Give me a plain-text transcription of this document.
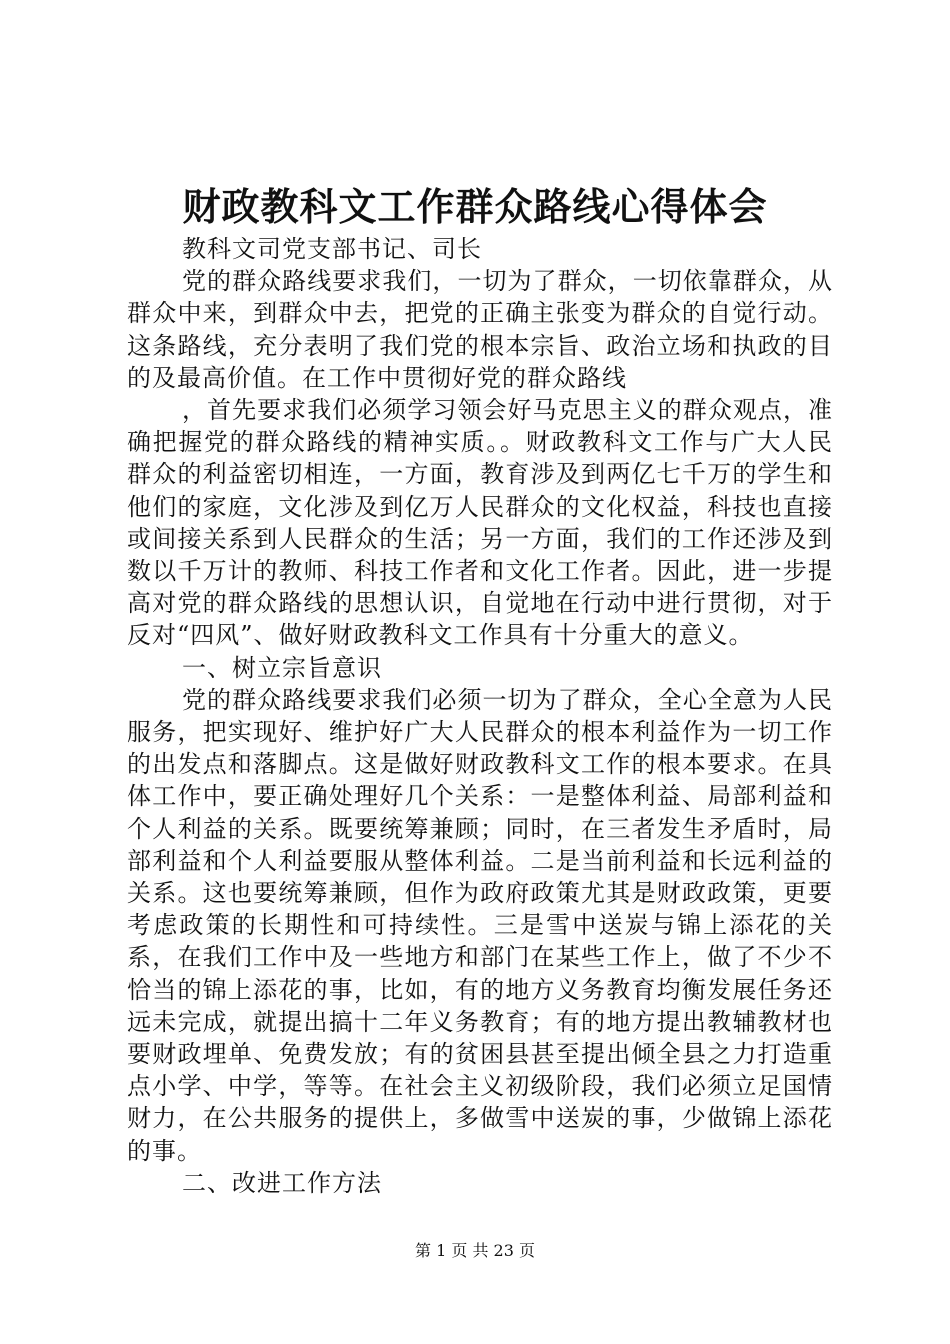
财政教科文工作群众路线心得体会

教科文司党支部书记、司长

党的群众路线要求我们，一切为了群众，一切依靠群众，从群众中来，到群众中去，把党的正确主张变为群众的自觉行动。这条路线，充分表明了我们党的根本宗旨、政治立场和执政的目的及最高价值。在工作中贯彻好党的群众路线

，首先要求我们必须学习领会好马克思主义的群众观点，准确把握党的群众路线的精神实质。。财政教科文工作与广大人民群众的利益密切相连，一方面，教育涉及到两亿七千万的学生和他们的家庭，文化涉及到亿万人民群众的文化权益，科技也直接或间接关系到人民群众的生活；另一方面，我们的工作还涉及到数以千万计的教师、科技工作者和文化工作者。因此，进一步提高对党的群众路线的思想认识，自觉地在行动中进行贯彻，对于反对“四风”、做好财政教科文工作具有十分重大的意义。

一、树立宗旨意识

党的群众路线要求我们必须一切为了群众，全心全意为人民服务，把实现好、维护好广大人民群众的根本利益作为一切工作的出发点和落脚点。这是做好财政教科文工作的根本要求。在具体工作中，要正确处理好几个关系：一是整体利益、局部利益和个人利益的关系。既要统筹兼顾；同时，在三者发生矛盾时，局部利益和个人利益要服从整体利益。二是当前利益和长远利益的关系。这也要统筹兼顾，但作为政府政策尤其是财政政策，更要考虑政策的长期性和可持续性。三是雪中送炭与锦上添花的关系，在我们工作中及一些地方和部门在某些工作上，做了不少不恰当的锦上添花的事，比如，有的地方义务教育均衡发展任务还远未完成，就提出搞十二年义务教育；有的地方提出教辅教材也要财政埋单、免费发放；有的贫困县甚至提出倾全县之力打造重点小学、中学，等等。在社会主义初级阶段，我们必须立足国情财力，在公共服务的提供上，多做雪中送炭的事，少做锦上添花的事。

二、改进工作方法

第 1 页 共 23 页
